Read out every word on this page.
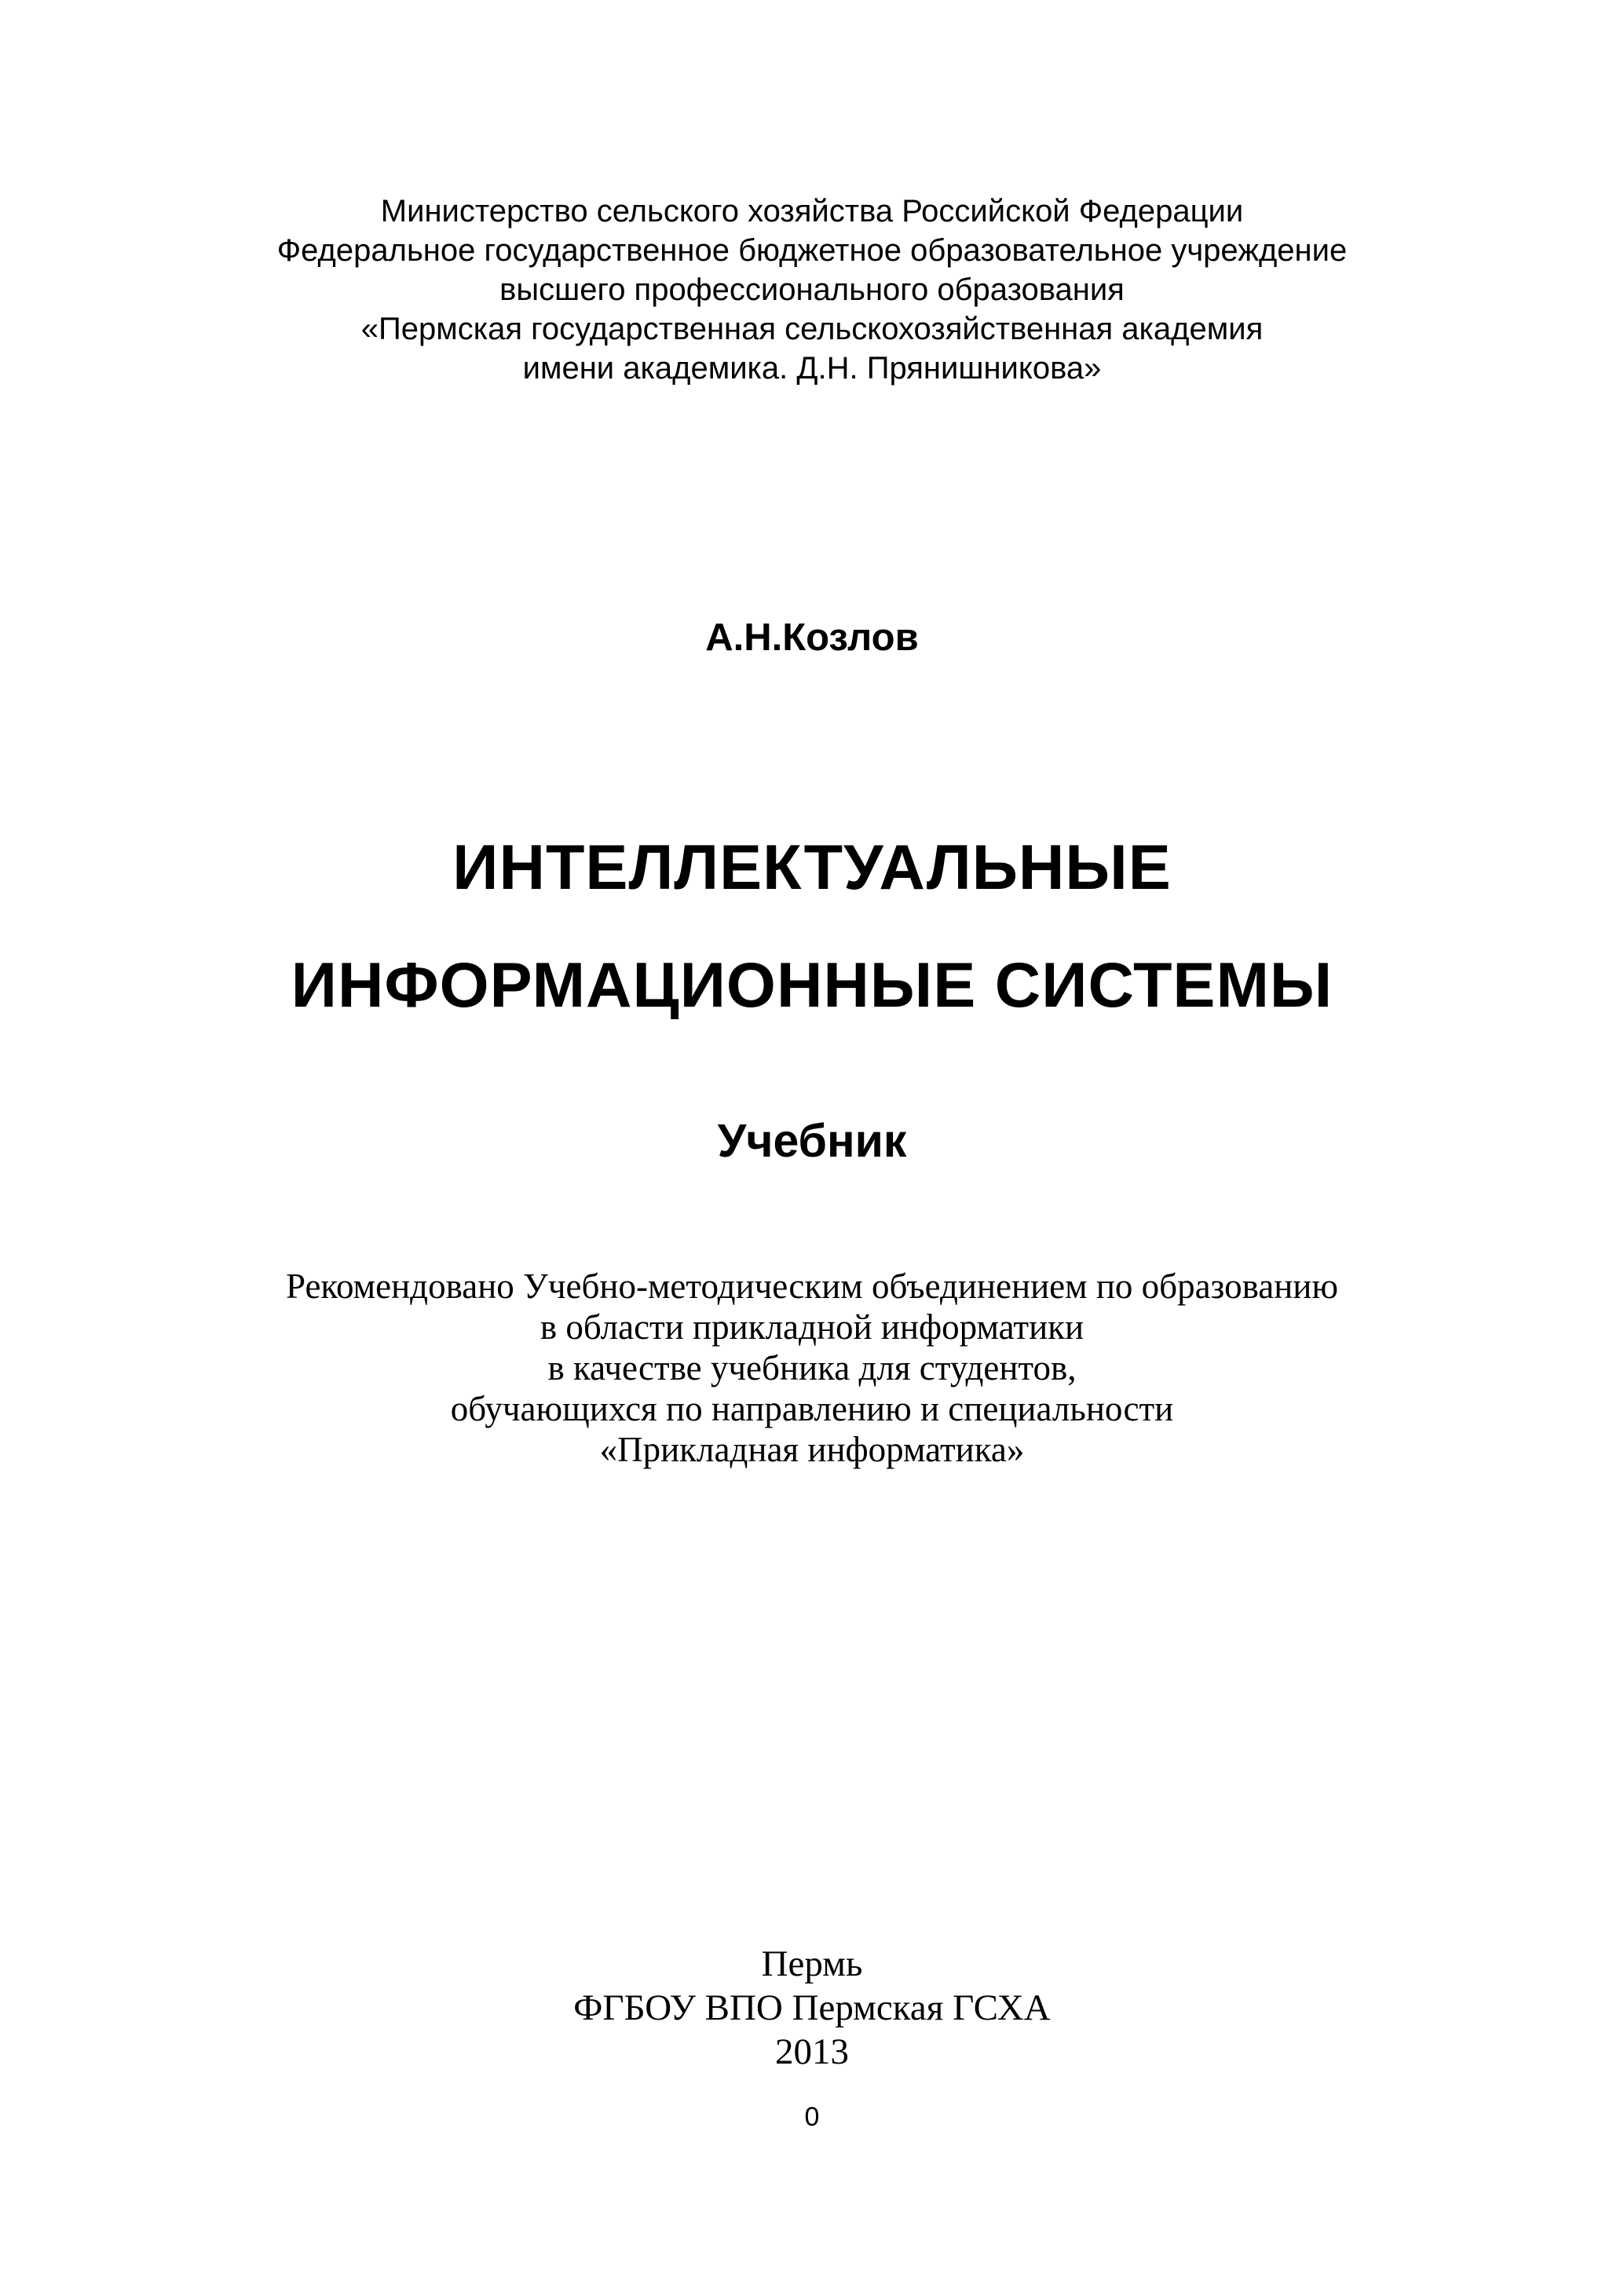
Министерство сельского хозяйства Российской Федерации
Федеральное государственное бюджетное образовательное учреждение
высшего профессионального образования
«Пермская государственная сельскохозяйственная академия
имени академика. Д.Н. Прянишникова»
А.Н.Козлов
ИНТЕЛЛЕКТУАЛЬНЫЕ
ИНФОРМАЦИОННЫЕ СИСТЕМЫ
Учебник
Рекомендовано Учебно-методическим объединением по образованию
в области прикладной информатики
в качестве учебника для студентов,
обучающихся по направлению и специальности
«Прикладная информатика»
Пермь
ФГБОУ ВПО Пермская ГСХА
2013
0
